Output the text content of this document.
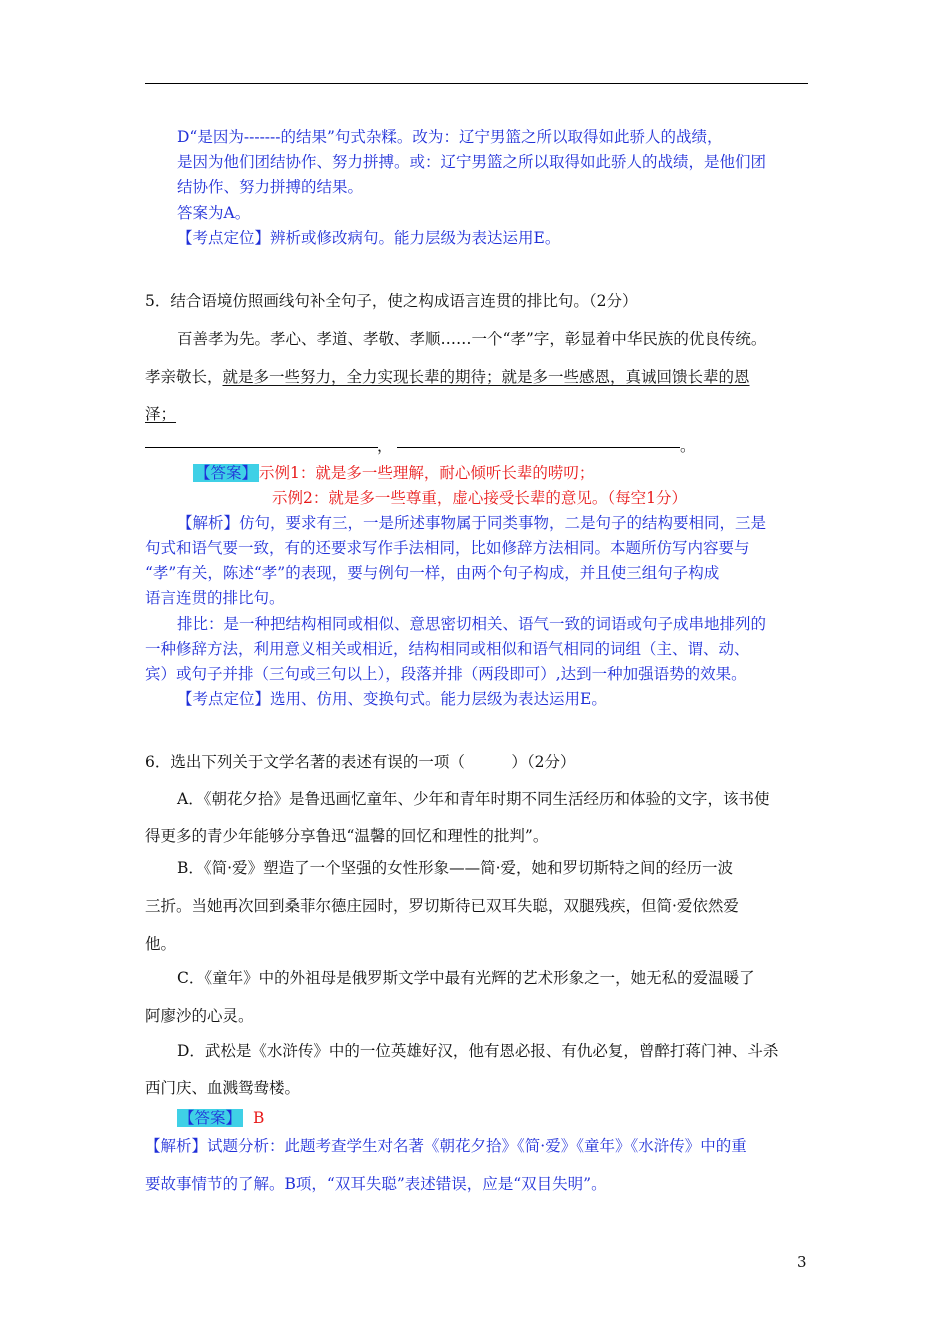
D“是因为-------的结果”句式杂糅。改为：辽宁男篮之所以取得如此骄人的战绩，
是因为他们团结协作、努力拼搏。或：辽宁男篮之所以取得如此骄人的战绩，是他们团
结协作、努力拼搏的结果。
答案为A。
【考点定位】辨析或修改病句。能力层级为表达运用E。
5．结合语境仿照画线句补全句子，使之构成语言连贯的排比句。（2分）
百善孝为先。孝心、孝道、孝敬、孝顺……一个“孝”字，彰显着中华民族的优良传统。
孝亲敬长，就是多一些努力，全力实现长辈的期待；就是多一些感恩，真诚回馈长辈的恩
泽；
，	。
【答案】 示例1：就是多一些理解，耐心倾听长辈的唠叨；
示例2：就是多一些尊重，虚心接受长辈的意见。（每空1分）
【解析】仿句，要求有三，一是所述事物属于同类事物，二是句子的结构要相同，三是
句式和语气要一致，有的还要求写作手法相同，比如修辞方法相同。本题所仿写内容要与
“孝”有关，陈述“孝”的表现，要与例句一样，由两个句子构成，并且使三组句子构成
语言连贯的排比句。
排比：是一种把结构相同或相似、意思密切相关、语气一致的词语或句子成串地排列的
一种修辞方法，利用意义相关或相近，结构相同或相似和语气相同的词组（主、谓、动、
宾）或句子并排（三句或三句以上），段落并排（两段即可）,达到一种加强语势的效果。
【考点定位】选用、仿用、变换句式。能力层级为表达运用E。
6．选出下列关于文学名著的表述有误的一项（　　　）（2分）
A．《朝花夕拾》是鲁迅画忆童年、少年和青年时期不同生活经历和体验的文字，该书使
得更多的青少年能够分享鲁迅“温馨的回忆和理性的批判”。
B．《简·爱》塑造了一个坚强的女性形象——简·爱，她和罗切斯特之间的经历一波
三折。当她再次回到桑菲尔德庄园时，罗切斯待已双耳失聪，双腿残疾，但简·爱依然爱
他。
C．《童年》中的外祖母是俄罗斯文学中最有光辉的艺术形象之一，她无私的爱温暖了
阿廖沙的心灵。
D．武松是《水浒传》中的一位英雄好汉，他有恩必报、有仇必复，曾醉打蒋门神、斗杀
西门庆、血溅鸳鸯楼。
【答案】 B
【解析】试题分析：此题考查学生对名著《朝花夕拾》《简·爱》《童年》《水浒传》中的重
要故事情节的了解。B项，“双耳失聪”表述错误，应是“双目失明”。
3
